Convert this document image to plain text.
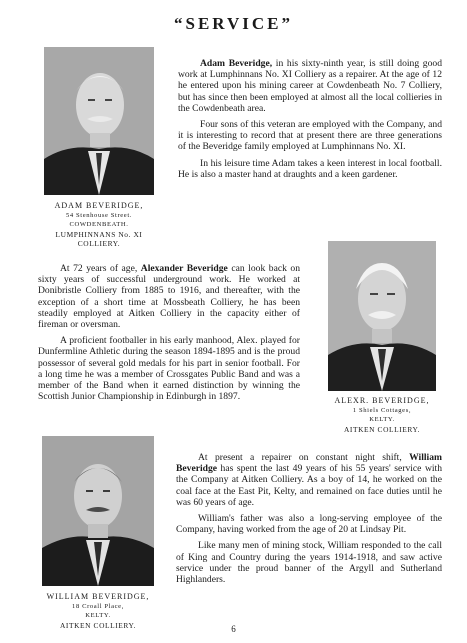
“SERVICE”
ADAM BEVERIDGE,
54 Stenhouse Street.
COWDENBEATH.
LUMPHINNANS No. XI
COLLIERY.

Adam Beveridge, in his sixty-ninth year, is still doing good work at Lumphinnans No. XI Colliery as a repairer. At the age of 12 he entered upon his mining career at Cowdenbeath No. 7 Colliery, but has since then been employed at almost all the local collieries in the Cowdenbeath area.

Four sons of this veteran are employed with the Company, and it is interesting to record that at present there are three generations of the Beveridge family employed at Lumphinnans No. XI.

In his leisure time Adam takes a keen interest in local football. He is also a master hand at draughts and a keen gardener.

At 72 years of age, Alexander Beveridge can look back on sixty years of successful underground work. He worked at Donibristle Colliery from 1885 to 1916, and thereafter, with the exception of a short time at Mossbeath Colliery, he has been steadily employed at Aitken Colliery in the capacity either of fireman or oversman.

A proficient footballer in his early manhood, Alex. played for Dunfermline Athletic during the season 1894-1895 and is the proud possessor of several gold medals for his part in senior football. For a long time he was a member of Crossgates Public Band and was a member of the Band when it earned distinction by winning the Scottish Junior Championship in Edinburgh in 1897.	ALEXR. BEVERIDGE,
1 Shiels Cottages,
KELTY.
AITKEN COLLIERY.
WILLIAM BEVERIDGE,
18 Croall Place,
KELTY.
AITKEN COLLIERY.

At present a repairer on constant night shift, William Beveridge has spent the last 49 years of his 55 years' service with the Company at Aitken Colliery. As a boy of 14, he worked on the coal face at the East Pit, Kelty, and remained on face duties until he was 60 years of age.

William's father was also a long-serving employee of the Company, having worked from the age of 20 at Lindsay Pit.

Like many men of mining stock, William responded to the call of King and Country during the years 1914-1918, and saw active service under the proud banner of the Argyll and Sutherland Highlanders.

6
